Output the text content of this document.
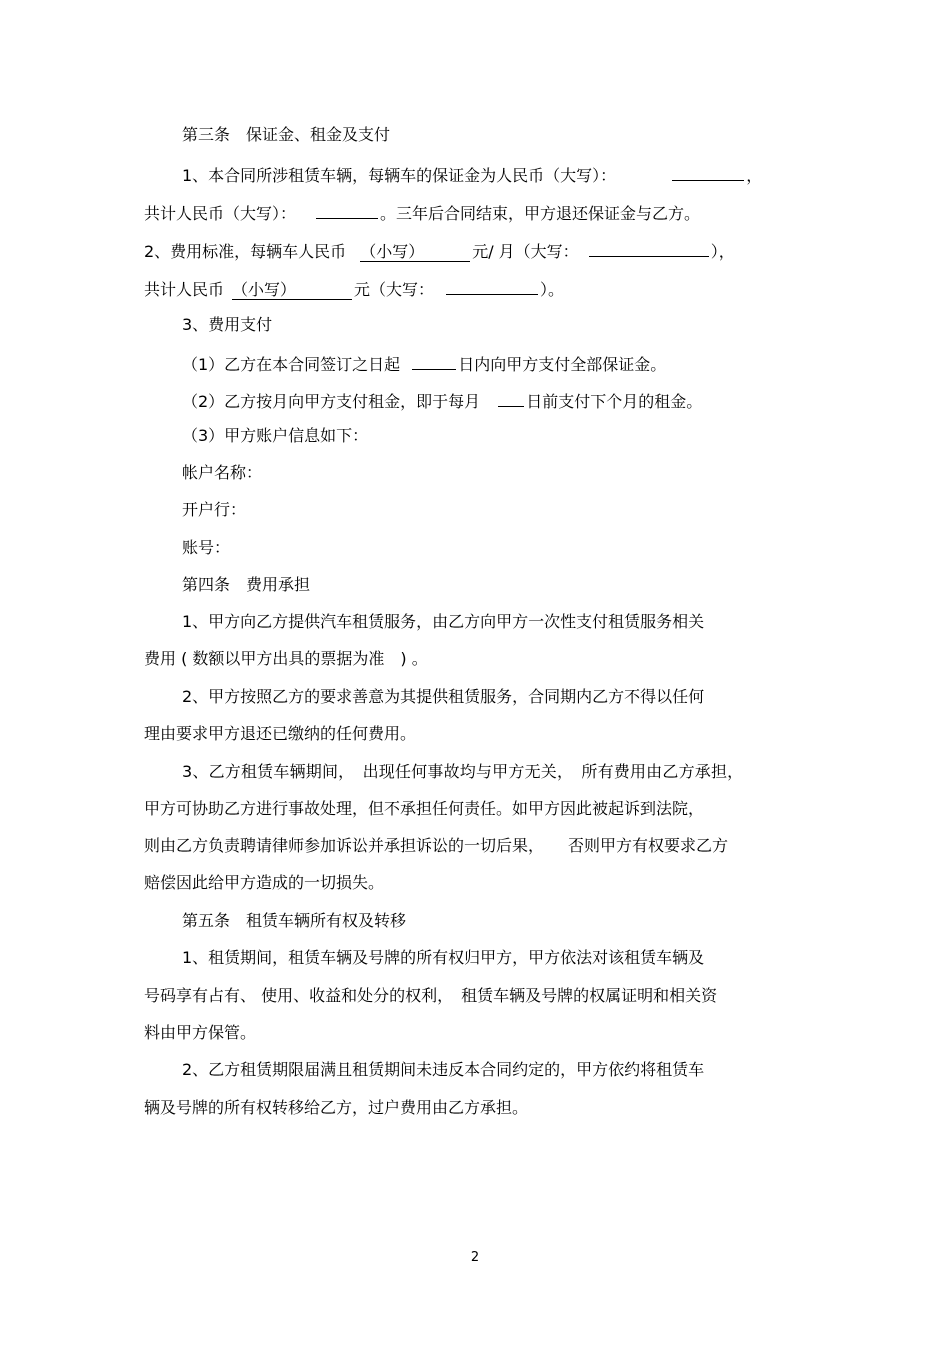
第三条　保证金、租金及支付
1、本合同所涉租赁车辆，每辆车的保证金为人民币（大写）：	，
共计人民币（大写）：	。三年后合同结束，甲方退还保证金与乙方。
2、费用标准，每辆车人民币 （小写）	元/ 月（大写：	），
共计人民币 （小写）	元（大写：	）。
3、费用支付
（1）乙方在本合同签订之日起	日内向甲方支付全部保证金。
（2）乙方按月向甲方支付租金，即于每月	日前支付下个月的租金。
（3）甲方账户信息如下：
帐户名称：
开户行：
账号：
第四条　费用承担
1、甲方向乙方提供汽车租赁服务，由乙方向甲方一次性支付租赁服务相关
费用 ( 数额以甲方出具的票据为准　) 。
2、甲方按照乙方的要求善意为其提供租赁服务，合同期内乙方不得以任何
理由要求甲方退还已缴纳的任何费用。
3、乙方租赁车辆期间，　出现任何事故均与甲方无关，　所有费用由乙方承担，
甲方可协助乙方进行事故处理，但不承担任何责任。如甲方因此被起诉到法院，
则由乙方负责聘请律师参加诉讼并承担诉讼的一切后果，　　否则甲方有权要求乙方
赔偿因此给甲方造成的一切损失。
第五条　租赁车辆所有权及转移
1、租赁期间，租赁车辆及号牌的所有权归甲方，甲方依法对该租赁车辆及
号码享有占有、 使用、收益和处分的权利，　租赁车辆及号牌的权属证明和相关资
料由甲方保管。
2、乙方租赁期限届满且租赁期间未违反本合同约定的，甲方依约将租赁车
辆及号牌的所有权转移给乙方，过户费用由乙方承担。
2
